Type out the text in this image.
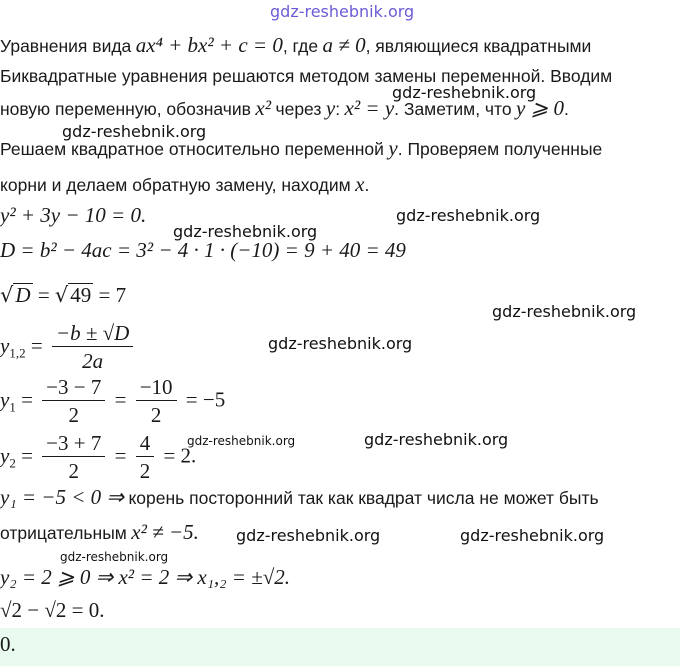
gdz-reshebnik.org
Уравнения вида ax⁴ + bx² + c = 0, где a ≠ 0, являющиеся квадратными
Биквадратные уравнения решаются методом замены переменной. Вводим
новую переменную, обозначив x² через y: x² = y. Заметим, что y ⩾ 0.
Решаем квадратное относительно переменной y. Проверяем полученные
корни и делаем обратную замену, находим x.
y² + 3y − 10 = 0.
D = b² − 4ac = 3² − 4 · 1 · (−10) = 9 + 40 = 49
√D = √49 = 7
$y_{1,2} = \frac{-b \pm √D}{2a}$
$y_1 = \frac{-3 - 7}{2} = \frac{-10}{2} = -5$
$y_2 = \frac{-3 + 7}{2} = \frac{4}{2} = 2$.
y₁ = −5 < 0 ⇒ корень посторонний так как квадрат числа не может быть
отрицательным x² ≠ −5.
y₂ = 2 ⩾ 0 ⇒ x² = 2 ⇒ x₁,₂ = ±√2.
√2 − √2 = 0.
0.
gdz-reshebnik.org
gdz-reshebnik.org
gdz-reshebnik.org
gdz-reshebnik.org
gdz-reshebnik.org
gdz-reshebnik.org
gdz-reshebnik.org	gdz-reshebnik.org
gdz-reshebnik.org	gdz-reshebnik.org
gdz-reshebnik.org
